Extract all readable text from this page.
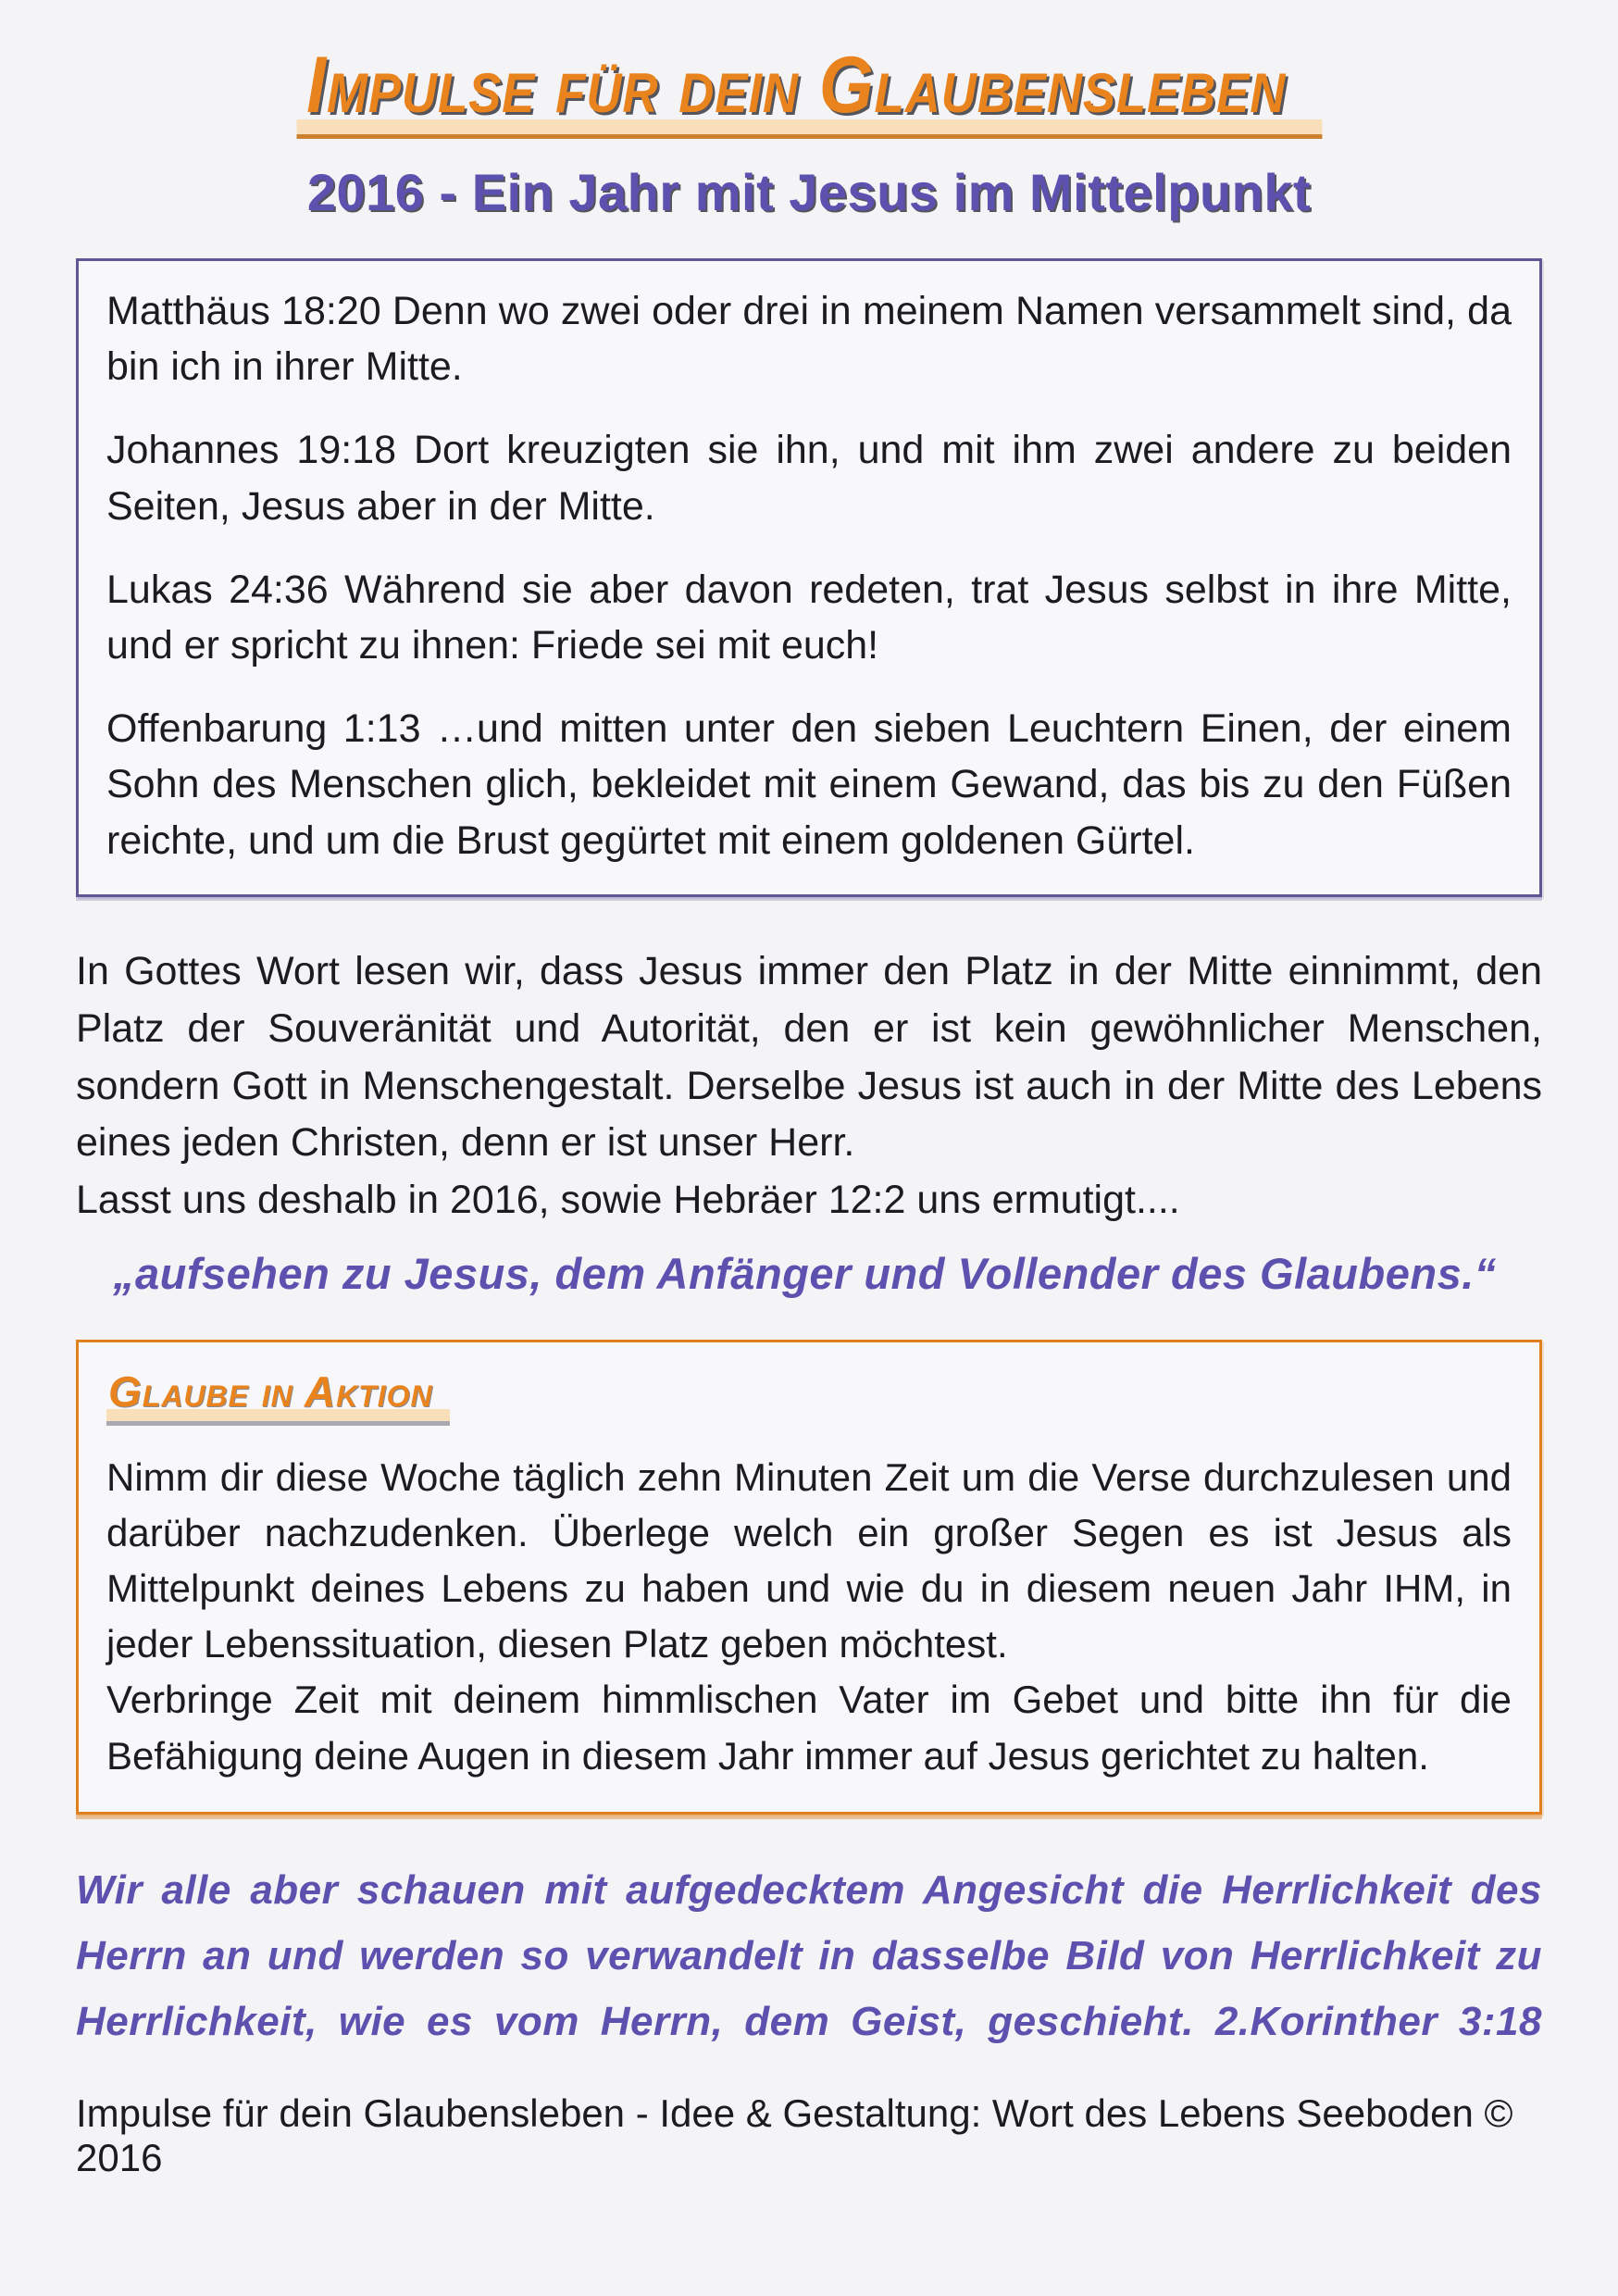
Impulse für dein Glaubensleben
2016 - Ein Jahr mit Jesus im Mittelpunkt

Matthäus 18:20 Denn wo zwei oder drei in meinem Namen versammelt sind, da bin ich in ihrer Mitte.

Johannes 19:18 Dort kreuzigten sie ihn, und mit ihm zwei andere zu beiden Seiten, Jesus aber in der Mitte.

Lukas 24:36 Während sie aber davon redeten, trat Jesus selbst in ihre Mitte, und er spricht zu ihnen: Friede sei mit euch!

Offenbarung 1:13 …und mitten unter den sieben Leuchtern Einen, der einem Sohn des Menschen glich, bekleidet mit einem Gewand, das bis zu den Füßen reichte, und um die Brust gegürtet mit einem goldenen Gürtel.

In Gottes Wort lesen wir, dass Jesus immer den Platz in der Mitte einnimmt, den Platz der Souveränität und Autorität, den er ist kein gewöhnlicher Menschen, sondern Gott in Menschengestalt. Derselbe Jesus ist auch in der Mitte des Lebens eines jeden Christen, denn er ist unser Herr.

Lasst uns deshalb in 2016, sowie Hebräer 12:2 uns ermutigt....

„aufsehen zu Jesus, dem Anfänger und Vollender des Glaubens.“

Glaube in Aktion

Nimm dir diese Woche täglich zehn Minuten Zeit um die Verse durchzulesen und darüber nachzudenken. Überlege welch ein großer Segen es ist Jesus als Mittelpunkt deines Lebens zu haben und wie du in diesem neuen Jahr IHM, in jeder Lebenssituation, diesen Platz geben möchtest.

Verbringe Zeit mit deinem himmlischen Vater im Gebet und bitte ihn für die Befähigung deine Augen in diesem Jahr immer auf Jesus gerichtet zu halten.

Wir alle aber schauen mit aufgedecktem Angesicht die Herrlichkeit des Herrn an und werden so verwandelt in dasselbe Bild von Herrlichkeit zu Herrlichkeit, wie es vom Herrn, dem Geist, geschieht. 2.Korinther 3:18

Impulse für dein Glaubensleben - Idee & Gestaltung: Wort des Lebens Seeboden © 2016
